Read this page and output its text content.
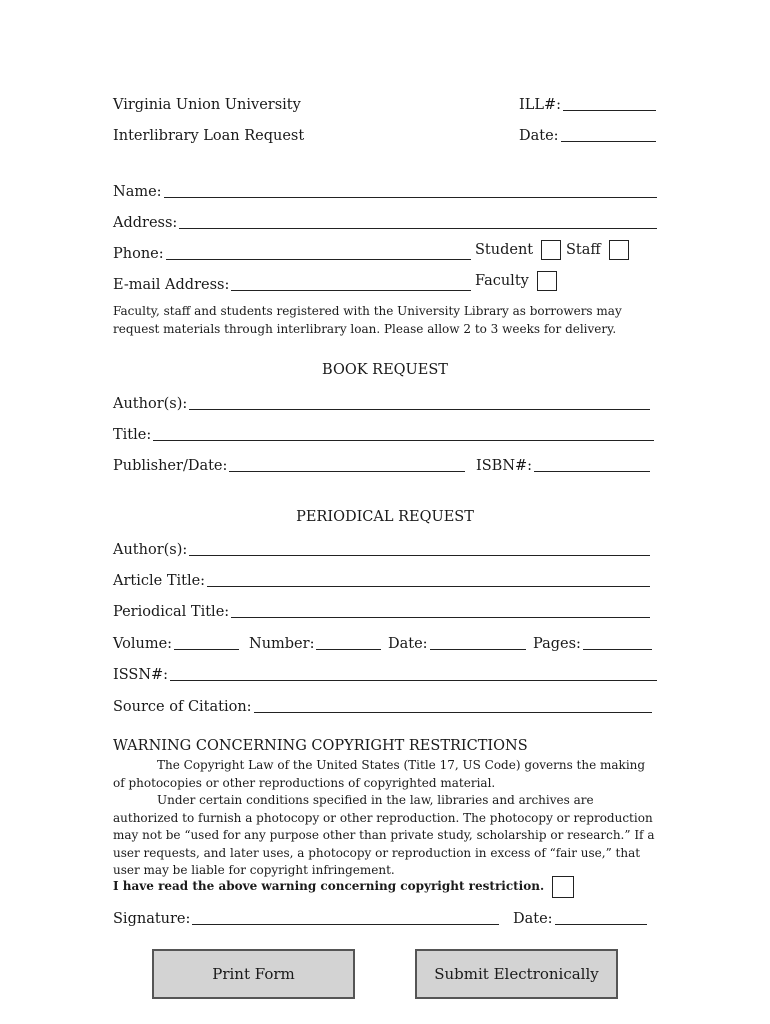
Virginia Union University
Interlibrary Loan Request
ILL#:
Date:
Name:
Address:
Phone:
E-mail Address:
Student Staff
Faculty
Faculty, staff and students registered with the University Library as borrowers may request materials through interlibrary loan. Please allow 2 to 3 weeks for delivery.
BOOK REQUEST
Author(s):
Title:
Publisher/Date:	ISBN#:
PERIODICAL REQUEST
Author(s):
Article Title:
Periodical Title:
Volume:	Number:	Date:	Pages:
ISSN#:
Source of Citation:
WARNING CONCERNING COPYRIGHT RESTRICTIONS
The Copyright Law of the United States (Title 17, US Code) governs the making of photocopies or other reproductions of copyrighted material.
Under certain conditions specified in the law, libraries and archives are authorized to furnish a photocopy or other reproduction. The photocopy or reproduction may not be “used for any purpose other than private study, scholarship or research.” If a user requests, and later uses, a photocopy or reproduction in excess of “fair use,” that user may be liable for copyright infringement.
I have read the above warning concerning copyright restriction.
Signature:	Date:
Print Form	Submit Electronically
